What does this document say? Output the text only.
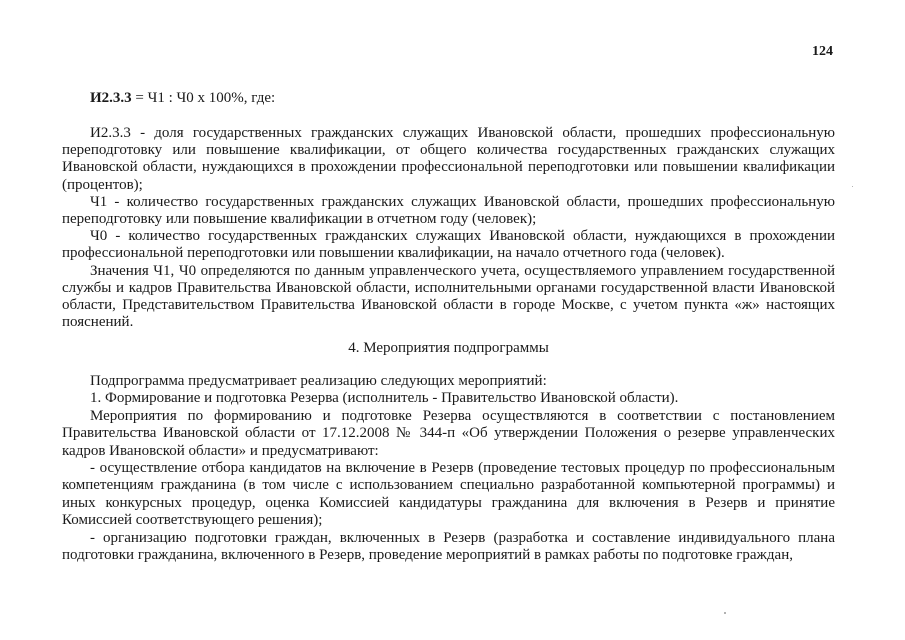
124
И2.3.3 = Ч1 : Ч0 х 100%, где:

И2.3.3 - доля государственных гражданских служащих Ивановской области, прошедших профессиональную переподготовку или повышение квалификации, от общего количества государственных гражданских служащих Ивановской области, нуждающихся в прохождении профессиональной переподготовки или повышении квалификации (процентов);

Ч1 - количество государственных гражданских служащих Ивановской области, прошедших профессиональную переподготовку или повышение квалификации в отчетном году (человек);

Ч0 - количество государственных гражданских служащих Ивановской области, нуждающихся в прохождении профессиональной переподготовки или повышении квалификации, на начало отчетного года (человек).

Значения Ч1, Ч0 определяются по данным управленческого учета, осуществляемого управлением государственной службы и кадров Правительства Ивановской области, исполнительными органами государственной власти Ивановской области, Представительством Правительства Ивановской области в городе Москве, с учетом пункта «ж» настоящих пояснений.

4. Мероприятия подпрограммы

Подпрограмма предусматривает реализацию следующих мероприятий:

1. Формирование и подготовка Резерва (исполнитель - Правительство Ивановской области).

Мероприятия по формированию и подготовке Резерва осуществляются в соответствии с постановлением Правительства Ивановской области от 17.12.2008 № 344-п «Об утверждении Положения о резерве управленческих кадров Ивановской области» и предусматривают:

- осуществление отбора кандидатов на включение в Резерв (проведение тестовых процедур по профессиональным компетенциям гражданина (в том числе с использованием специально разработанной компьютерной программы) и иных конкурсных процедур, оценка Комиссией кандидатуры гражданина для включения в Резерв и принятие Комиссией соответствующего решения);

- организацию подготовки граждан, включенных в Резерв (разработка и составление индивидуального плана подготовки гражданина, включенного в Резерв, проведение мероприятий в рамках работы по подготовке граждан,
